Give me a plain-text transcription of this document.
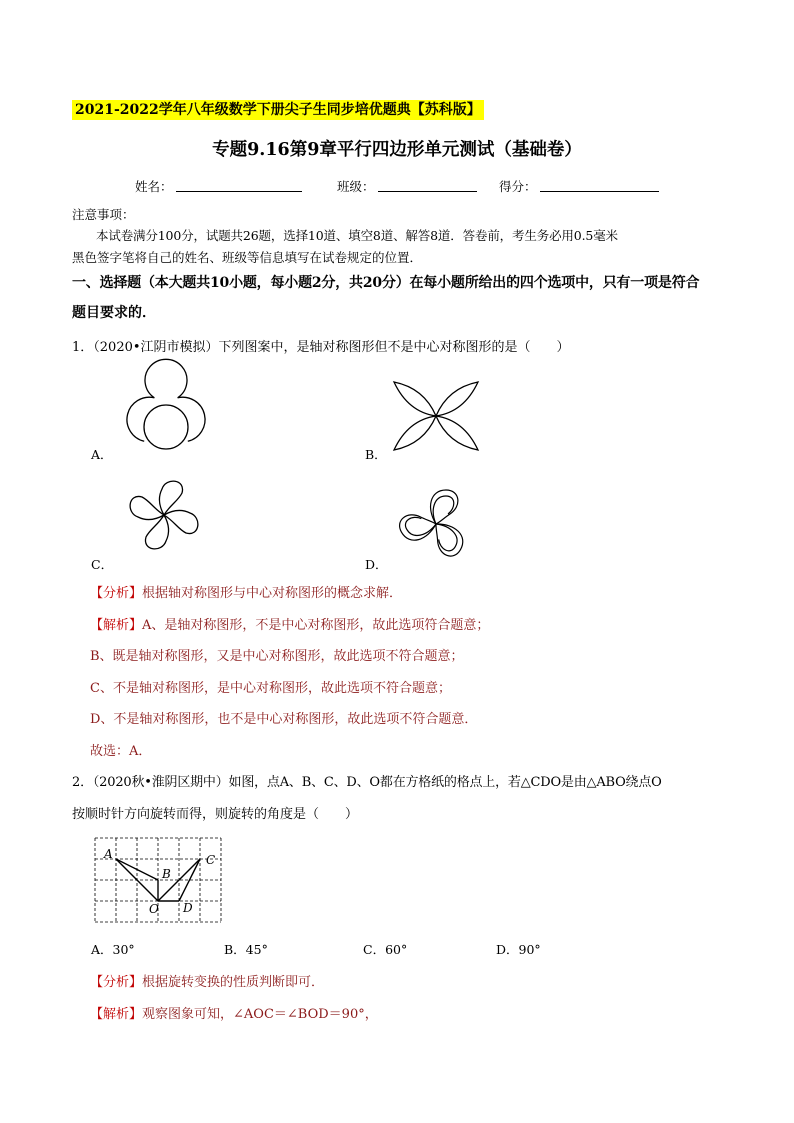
2021-2022学年八年级数学下册尖子生同步培优题典【苏科版】
专题9.16第9章平行四边形单元测试（基础卷）
姓名：	班级：	得分：
注意事项：
本试卷满分100分，试题共26题，选择10道、填空8道、解答8道．答卷前，考生务必用0.5毫米
黑色签字笔将自己的姓名、班级等信息填写在试卷规定的位置．
一、选择题（本大题共10小题，每小题2分，共20分）在每小题所给出的四个选项中，只有一项是符合
题目要求的．
1．（2020•江阴市模拟）下列图案中，是轴对称图形但不是中心对称图形的是（　　）
A．	B．
C．	D．
【分析】根据轴对称图形与中心对称图形的概念求解．
【解析】A、是轴对称图形，不是中心对称图形，故此选项符合题意；
B、既是轴对称图形，又是中心对称图形，故此选项不符合题意；
C、不是轴对称图形，是中心对称图形，故此选项不符合题意；
D、不是轴对称图形，也不是中心对称图形，故此选项不符合题意．
故选：A．
2．（2020秋•淮阴区期中）如图，点A、B、C、D、O都在方格纸的格点上，若△CDO是由△ABO绕点O
按顺时针方向旋转而得，则旋转的角度是（　　）
A
B
C
O D
A．30°	B．45°	C．60°	D．90°
【分析】根据旋转变换的性质判断即可．
【解析】观察图象可知，∠AOC＝∠BOD＝90°，
